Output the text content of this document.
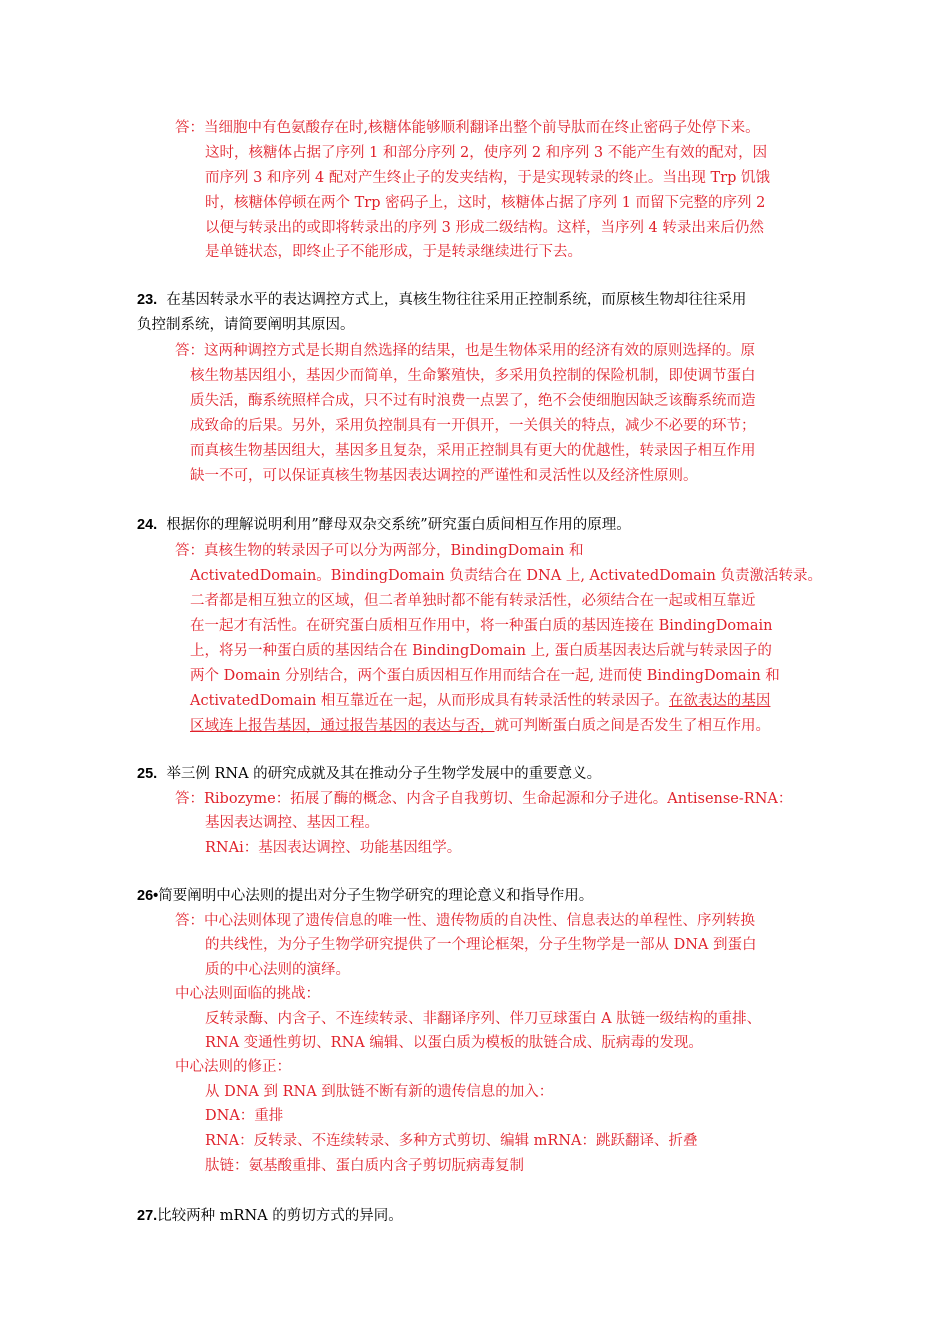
答：当细胞中有色氨酸存在时,核糖体能够顺利翻译出整个前导肽而在终止密码子处停下来。
这时，核糖体占据了序列 1 和部分序列 2，使序列 2 和序列 3 不能产生有效的配对，因
而序列 3 和序列 4 配对产生终止子的发夹结构，于是实现转录的终止。当出现 Trp 饥饿
时，核糖体停顿在两个 Trp 密码子上，这时，核糖体占据了序列 1 而留下完整的序列 2
以便与转录出的或即将转录出的序列 3 形成二级结构。这样，当序列 4 转录出来后仍然
是单链状态，即终止子不能形成，于是转录继续进行下去。
23. 在基因转录水平的表达调控方式上，真核生物往往采用正控制系统，而原核生物却往往采用
负控制系统，请简要阐明其原因。
答：这两种调控方式是长期自然选择的结果，也是生物体采用的经济有效的原则选择的。原
核生物基因组小，基因少而简单，生命繁殖快，多采用负控制的保险机制，即使调节蛋白
质失活，酶系统照样合成，只不过有时浪费一点罢了，绝不会使细胞因缺乏该酶系统而造
成致命的后果。另外，采用负控制具有一开俱开，一关俱关的特点，减少不必要的环节；
而真核生物基因组大，基因多且复杂，采用正控制具有更大的优越性，转录因子相互作用
缺一不可，可以保证真核生物基因表达调控的严谨性和灵活性以及经济性原则。
24. 根据你的理解说明利用”酵母双杂交系统”研究蛋白质间相互作用的原理。
答：真核生物的转录因子可以分为两部分，BindingDomain 和
ActivatedDomain。BindingDomain 负责结合在 DNA 上, ActivatedDomain 负责激活转录。
二者都是相互独立的区域，但二者单独时都不能有转录活性，必须结合在一起或相互靠近
在一起才有活性。在研究蛋白质相互作用中，将一种蛋白质的基因连接在 BindingDomain
上，将另一种蛋白质的基因结合在 BindingDomain 上, 蛋白质基因表达后就与转录因子的
两个 Domain 分别结合，两个蛋白质因相互作用而结合在一起, 进而使 BindingDomain 和
ActivatedDomain 相互靠近在一起，从而形成具有转录活性的转录因子。在欲表达的基因
区域连上报告基因，通过报告基因的表达与否，就可判断蛋白质之间是否发生了相互作用。
25. 举三例 RNA 的研究成就及其在推动分子生物学发展中的重要意义。
答：Ribozyme：拓展了酶的概念、内含子自我剪切、生命起源和分子进化。Antisense-RNA：
基因表达调控、基因工程。
RNAi：基因表达调控、功能基因组学。
26•简要阐明中心法则的提出对分子生物学研究的理论意义和指导作用。
答：中心法则体现了遗传信息的唯一性、遗传物质的自决性、信息表达的单程性、序列转换
的共线性，为分子生物学研究提供了一个理论框架，分子生物学是一部从 DNA 到蛋白
质的中心法则的演绎。
中心法则面临的挑战：
反转录酶、内含子、不连续转录、非翻译序列、伴刀豆球蛋白 A 肽链一级结构的重排、
RNA 变通性剪切、RNA 编辑、以蛋白质为模板的肽链合成、朊病毒的发现。
中心法则的修正：
从 DNA 到 RNA 到肽链不断有新的遗传信息的加入：
DNA：重排
RNA：反转录、不连续转录、多种方式剪切、编辑 mRNA：跳跃翻译、折叠
肽链：氨基酸重排、蛋白质内含子剪切朊病毒复制
27.比较两种 mRNA 的剪切方式的异同。
